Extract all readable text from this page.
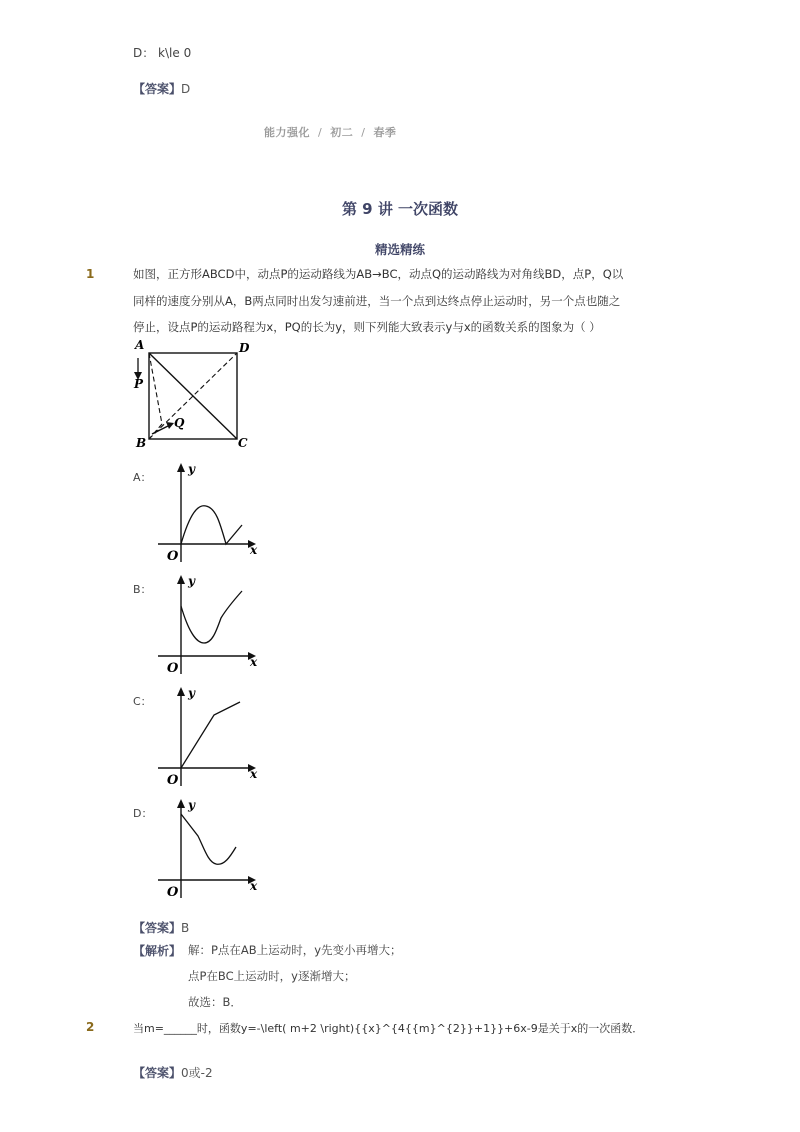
D： k\le 0
【答案】D
能力强化 / 初二 / 春季
第 9 讲 一次函数
精选精练
1	如图，正方形ABCD中，动点P的运动路线为AB→BC，动点Q的运动路线为对角线BD，点P，Q以
同样的速度分别从A，B两点同时出发匀速前进，当一个点到达终点停止运动时，另一个点也随之
停止，设点P的运动路程为x，PQ的长为y，则下列能大致表示y与x的函数关系的图象为（ ）
A	D
P
Q
B	C
A：
y
x
O
B：
y
x
O
C：
y
x
O
D：
y
x
O
【答案】B
【解析】 解：P点在AB上运动时，y先变小再增大；
点P在BC上运动时，y逐渐增大；
故选：B．
2	当m=______时，函数y=-\left( m+2 \right){{x}^{4{{m}^{2}}+1}}+6x-9是关于x的一次函数．
【答案】0或-2
